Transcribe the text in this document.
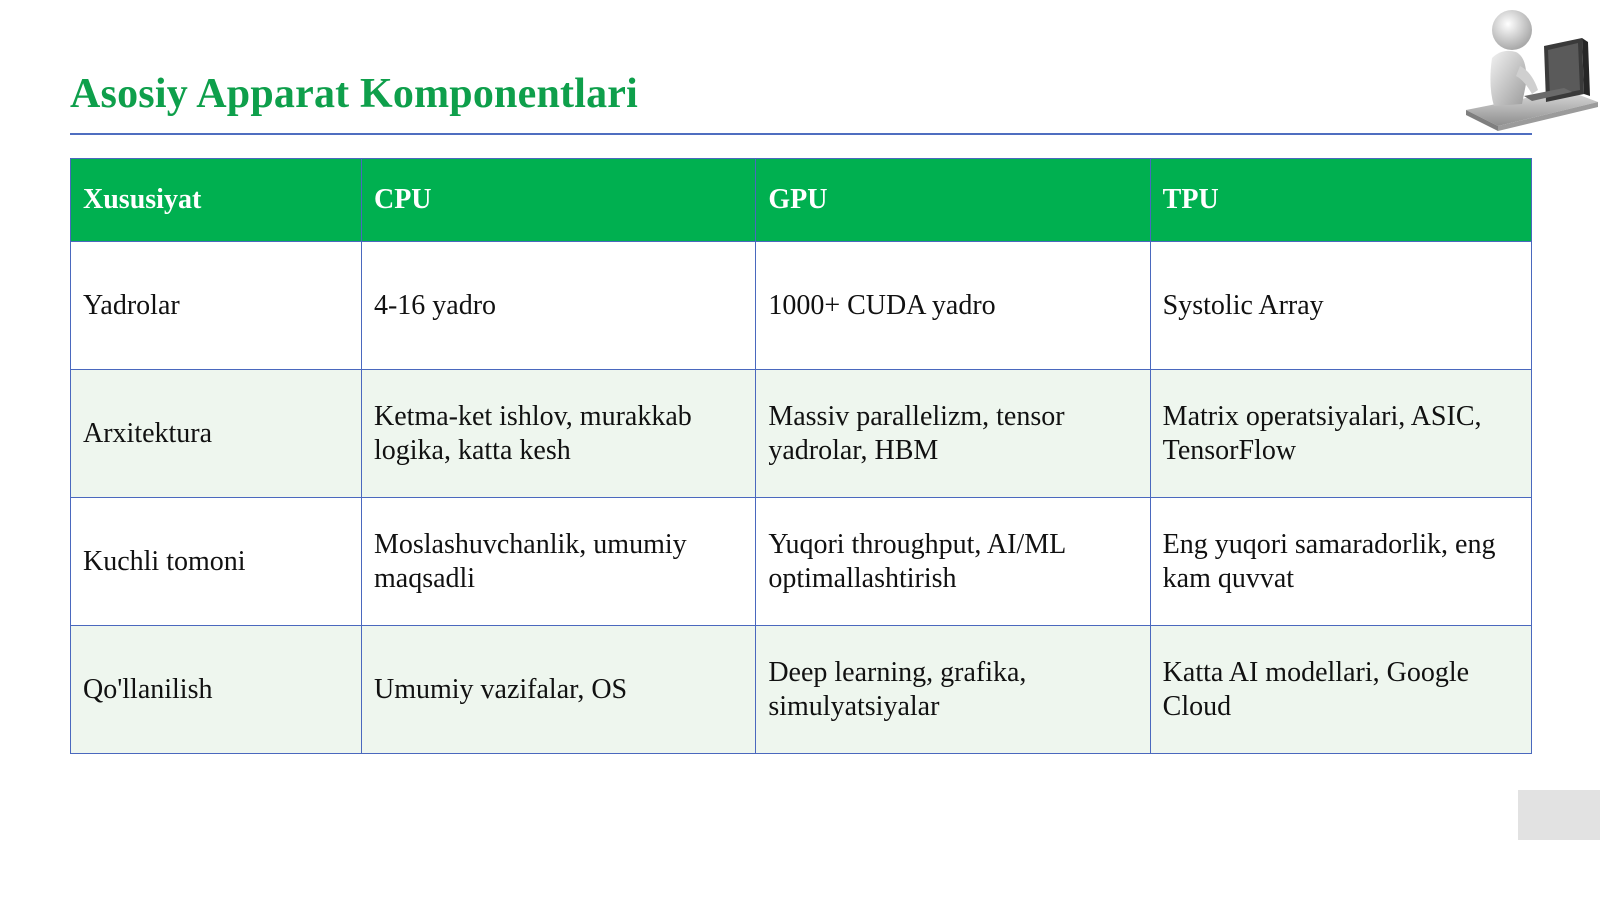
Asosiy Apparat Komponentlari
Xususiyat	CPU	GPU	TPU
Yadrolar	4-16 yadro	1000+ CUDA yadro	Systolic Array
Arxitektura	Ketma-ket ishlov, murakkab logika, katta kesh	Massiv parallelizm, tensor yadrolar, HBM	Matrix operatsiyalari, ASIC, TensorFlow
Kuchli tomoni	Moslashuvchanlik, umumiy maqsadli	Yuqori throughput, AI/ML optimallashtirish	Eng yuqori samaradorlik, eng kam quvvat
Qo'llanilish	Umumiy vazifalar, OS	Deep learning, grafika, simulyatsiyalar	Katta AI modellari, Google Cloud
